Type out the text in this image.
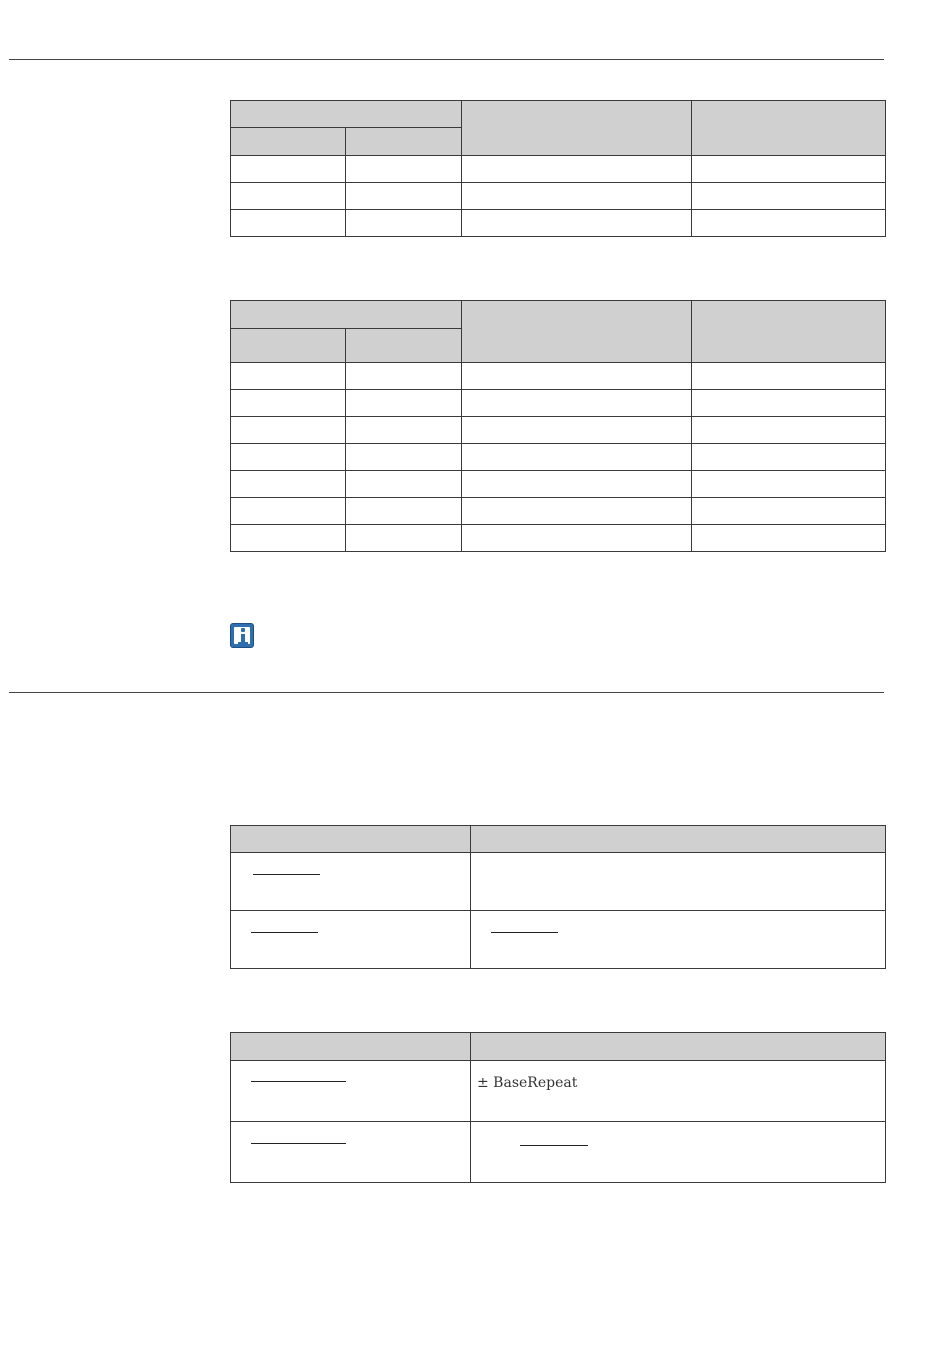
	± BaseRepeat
